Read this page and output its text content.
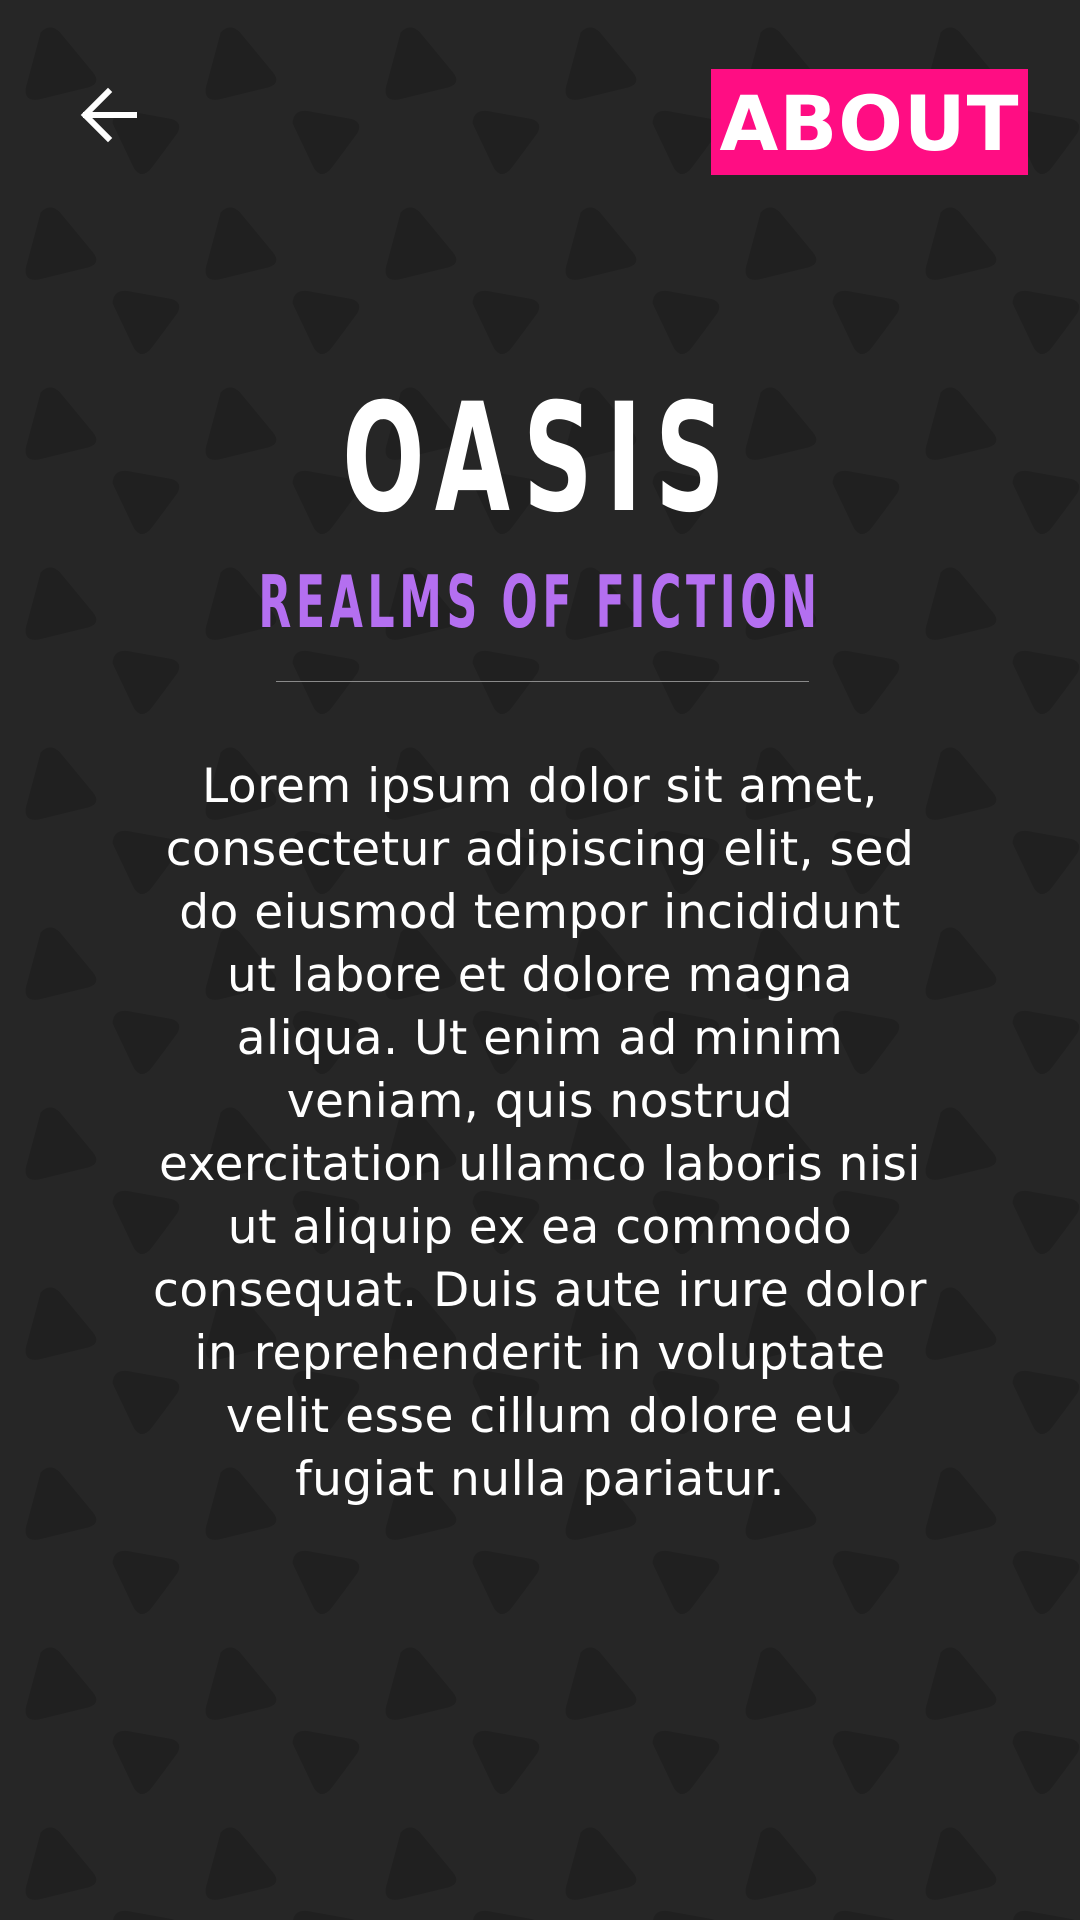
ABOUT
OASIS
REALMS OF FICTION

Lorem ipsum dolor sit amet, consectetur adipiscing elit, sed do eiusmod tempor incididunt ut labore et dolore magna aliqua. Ut enim ad minim veniam, quis nostrud exercitation ullamco laboris nisi ut aliquip ex ea commodo consequat. Duis aute irure dolor in reprehenderit in voluptate velit esse cillum dolore eu fugiat nulla pariatur.
